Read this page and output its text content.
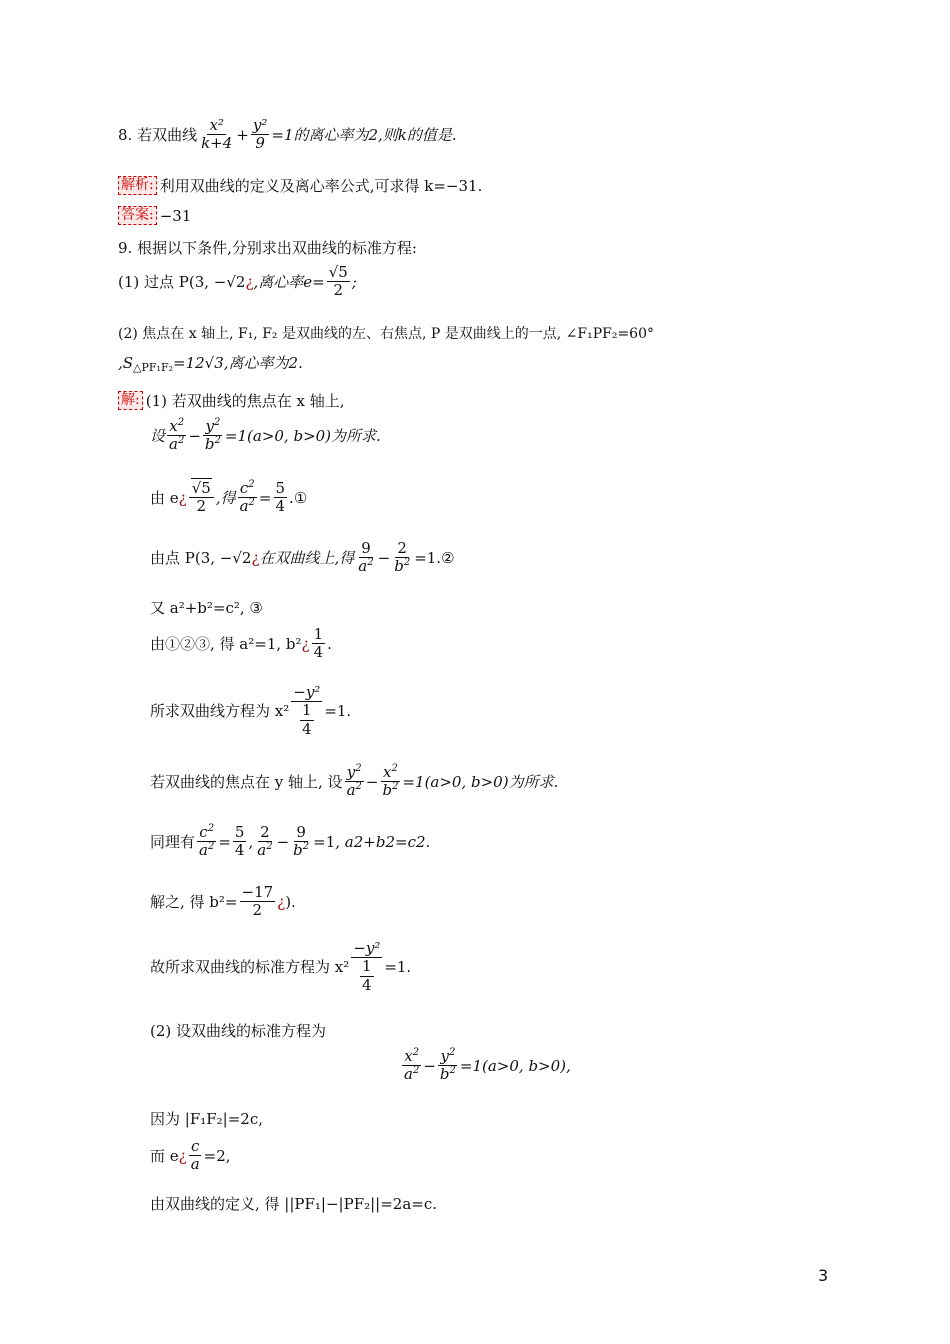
8. 若双曲线 $\frac{\text{x²}}{k+4} + \frac{\text{y²}}{9} =1$的离心率为2,则k的值是.
解析: 利用双曲线的定义及离心率公式,可求得 k=−31.
答案: −31
9. 根据以下条件,分别求出双曲线的标准方程:
(1) 过点 P(3, −√2 ¿ ,离心率$e= \frac{√5}{2}$ ;
(2) 焦点在 x 轴上, F₁, F₂ 是双曲线的左、右焦点, P 是双曲线上的一点, ∠F₁PF₂=60°
,S △PF₁F₂ =12√3,离心率为2.
解: (1) 若双曲线的焦点在 x 轴上,
设 $\frac{x^2}{a^2} - \frac{y^2}{b^2} =1(a>0$, b>0)为所求.
由 e ¿ $\frac{√5}{2}$ ,得 $\frac{c^2}{a^2} = \frac{5}{4}$ .①
由点 P(3, −√2 ¿ 在双曲线上,得 $\frac{9}{a^2} - \frac{2}{b^2}$ =1.②
又 a²+b²=c², ③
由①②③, 得 a²=1, b² ¿ $\frac{1}{4}$ .
所求双曲线方程为 $x^2 \frac{\text{−y²}}{\frac{1}{4}} =1$.
若双曲线的焦点在 y 轴上, 设 $\frac{y^2}{a^2} - \frac{x^2}{b^2} =1(a>0$, b>0)为所求.
同理有 $\frac{c^2}{a^2} = \frac{5}{4}$ , $\frac{2}{a^2} - \frac{9}{b^2} =1$ , a2+b2=c2.
解之, 得 $b^2= \frac{-17}{2}$ ¿ ).
故所求双曲线的标准方程为 $x^2 \frac{\text{−y²}}{\frac{1}{4}} =1$.
(2) 设双曲线的标准方程为
$\frac{x^2}{a^2} - \frac{y^2}{b^2} =1(a>0$, b>0),
因为 |F₁F₂|=2c,
而 e ¿ $\frac{c}{a} =2$,
由双曲线的定义, 得 ||PF₁|−|PF₂||=2a=c.
3
